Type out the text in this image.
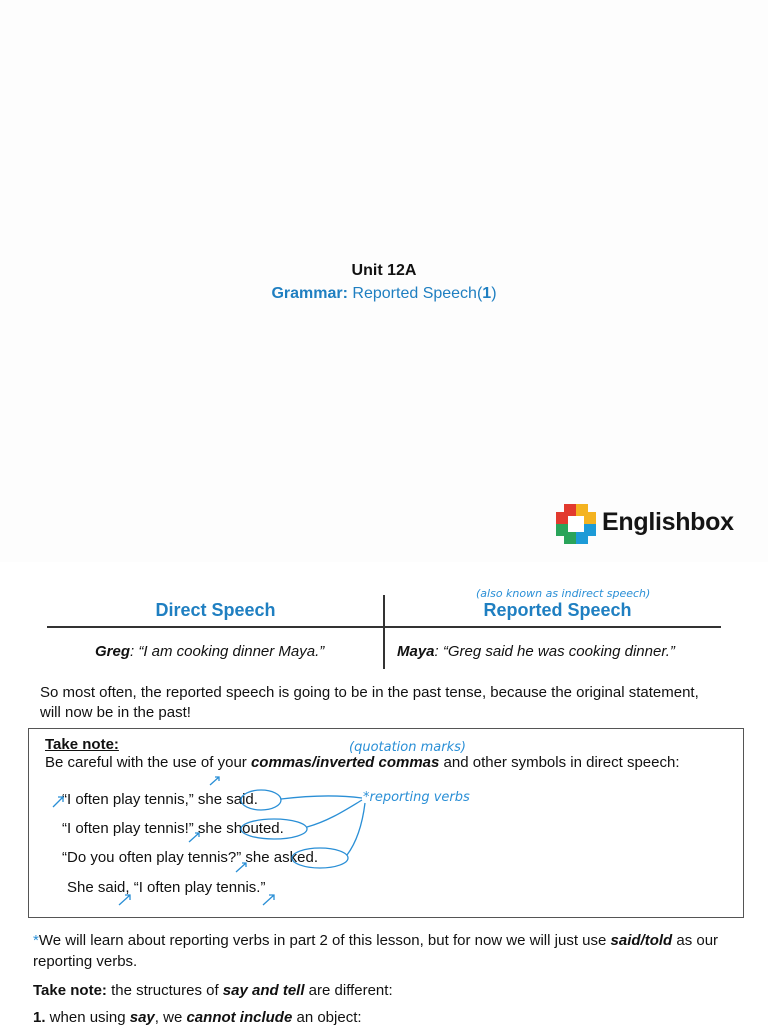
Unit 12A
Grammar: Reported Speech(1)
Englishbox
(also known as indirect speech)
Direct Speech	Reported Speech
Greg: “I am cooking dinner Maya.”	Maya: “Greg said he was cooking dinner.”
So most often, the reported speech is going to be in the past tense, because the original statement, will now be in the past!
Take note:	(quotation marks)
Be careful with the use of your commas/inverted commas and other symbols in direct speech:
“I often play tennis,” she said.
“I often play tennis!” she shouted.
“Do you often play tennis?” she asked.
She said, “I often play tennis.”
*reporting verbs
*We will learn about reporting verbs in part 2 of this lesson, but for now we will just use said/told as our reporting verbs.
Take note: the structures of say and tell are different:
1. when using say, we cannot include an object:
